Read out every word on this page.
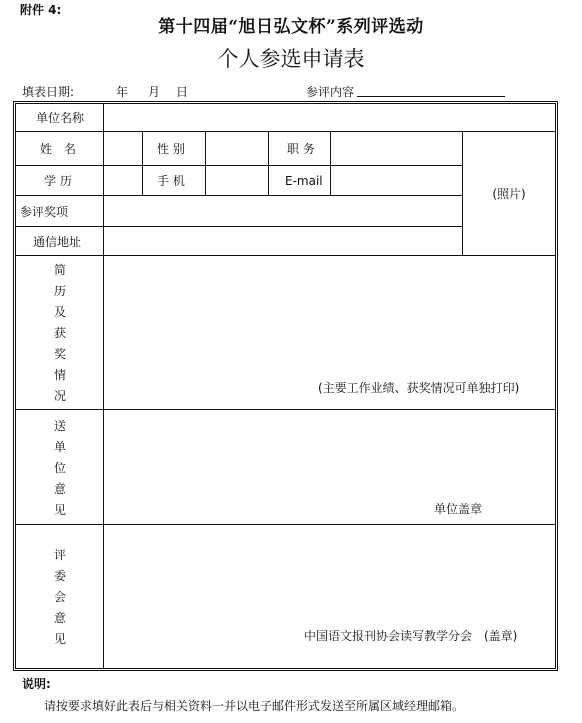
附件 4:
第十四届“旭日弘文杯”系列评选动
个人参选申请表
填表日期:	年 月 日	参评内容
单位名称
姓　名	性 别	职 务
学 历	手 机	E-mail
(照片)
参评奖项
通信地址
简
历
及
获
奖
情
况
(主要工作业绩、获奖情况可单独打印)
送
单
位
意
见	单位盖章
评
委
会
意
见	中国语文报刊协会读写教学分会　(盖章)
说明:
请按要求填好此表后与相关资料一并以电子邮件形式发送至所属区域经理邮箱。
